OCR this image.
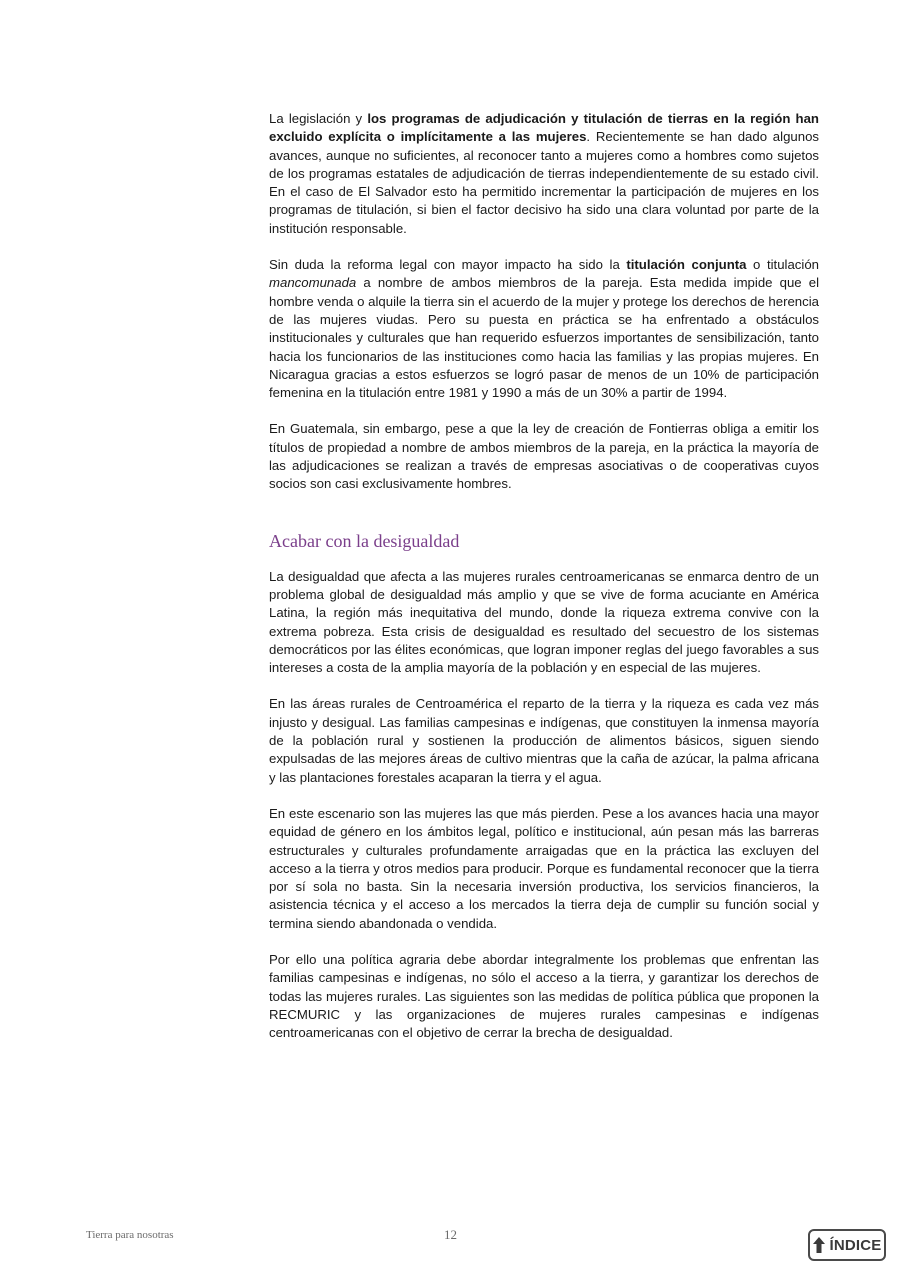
La legislación y los programas de adjudicación y titulación de tierras en la región han excluido explícita o implícitamente a las mujeres. Recientemente se han dado algunos avances, aunque no suficientes, al reconocer tanto a mujeres como a hombres como sujetos de los programas estatales de adjudicación de tierras independientemente de su estado civil. En el caso de El Salvador esto ha permitido incrementar la participación de mujeres en los programas de titulación, si bien el factor decisivo ha sido una clara voluntad por parte de la institución responsable.

Sin duda la reforma legal con mayor impacto ha sido la titulación conjunta o titulación mancomunada a nombre de ambos miembros de la pareja. Esta medida impide que el hombre venda o alquile la tierra sin el acuerdo de la mujer y protege los derechos de herencia de las mujeres viudas. Pero su puesta en práctica se ha enfrentado a obstáculos institucionales y culturales que han requerido esfuerzos importantes de sensibilización, tanto hacia los funcionarios de las instituciones como hacia las familias y las propias mujeres. En Nicaragua gracias a estos esfuerzos se logró pasar de menos de un 10% de participación femenina en la titulación entre 1981 y 1990 a más de un 30% a partir de 1994.

En Guatemala, sin embargo, pese a que la ley de creación de Fontierras obliga a emitir los títulos de propiedad a nombre de ambos miembros de la pareja, en la práctica la mayoría de las adjudicaciones se realizan a través de empresas asociativas o de cooperativas cuyos socios son casi exclusivamente hombres.

Acabar con la desigualdad

La desigualdad que afecta a las mujeres rurales centroamericanas se enmarca dentro de un problema global de desigualdad más amplio y que se vive de forma acuciante en América Latina, la región más inequitativa del mundo, donde la riqueza extrema convive con la extrema pobreza. Esta crisis de desigualdad es resultado del secuestro de los sistemas democráticos por las élites económicas, que logran imponer reglas del juego favorables a sus intereses a costa de la amplia mayoría de la población y en especial de las mujeres.

En las áreas rurales de Centroamérica el reparto de la tierra y la riqueza es cada vez más injusto y desigual. Las familias campesinas e indígenas, que constituyen la inmensa mayoría de la población rural y sostienen la producción de alimentos básicos, siguen siendo expulsadas de las mejores áreas de cultivo mientras que la caña de azúcar, la palma africana y las plantaciones forestales acaparan la tierra y el agua.

En este escenario son las mujeres las que más pierden. Pese a los avances hacia una mayor equidad de género en los ámbitos legal, político e institucional, aún pesan más las barreras estructurales y culturales profundamente arraigadas que en la práctica las excluyen del acceso a la tierra y otros medios para producir. Porque es fundamental reconocer que la tierra por sí sola no basta. Sin la necesaria inversión productiva, los servicios financieros, la asistencia técnica y el acceso a los mercados la tierra deja de cumplir su función social y termina siendo abandonada o vendida.

Por ello una política agraria debe abordar integralmente los problemas que enfrentan las familias campesinas e indígenas, no sólo el acceso a la tierra, y garantizar los derechos de todas las mujeres rurales. Las siguientes son las medidas de política pública que proponen la RECMURIC y las organizaciones de mujeres rurales campesinas e indígenas centroamericanas con el objetivo de cerrar la brecha de desigualdad.

Tierra para nosotras	12
ÍNDICE
